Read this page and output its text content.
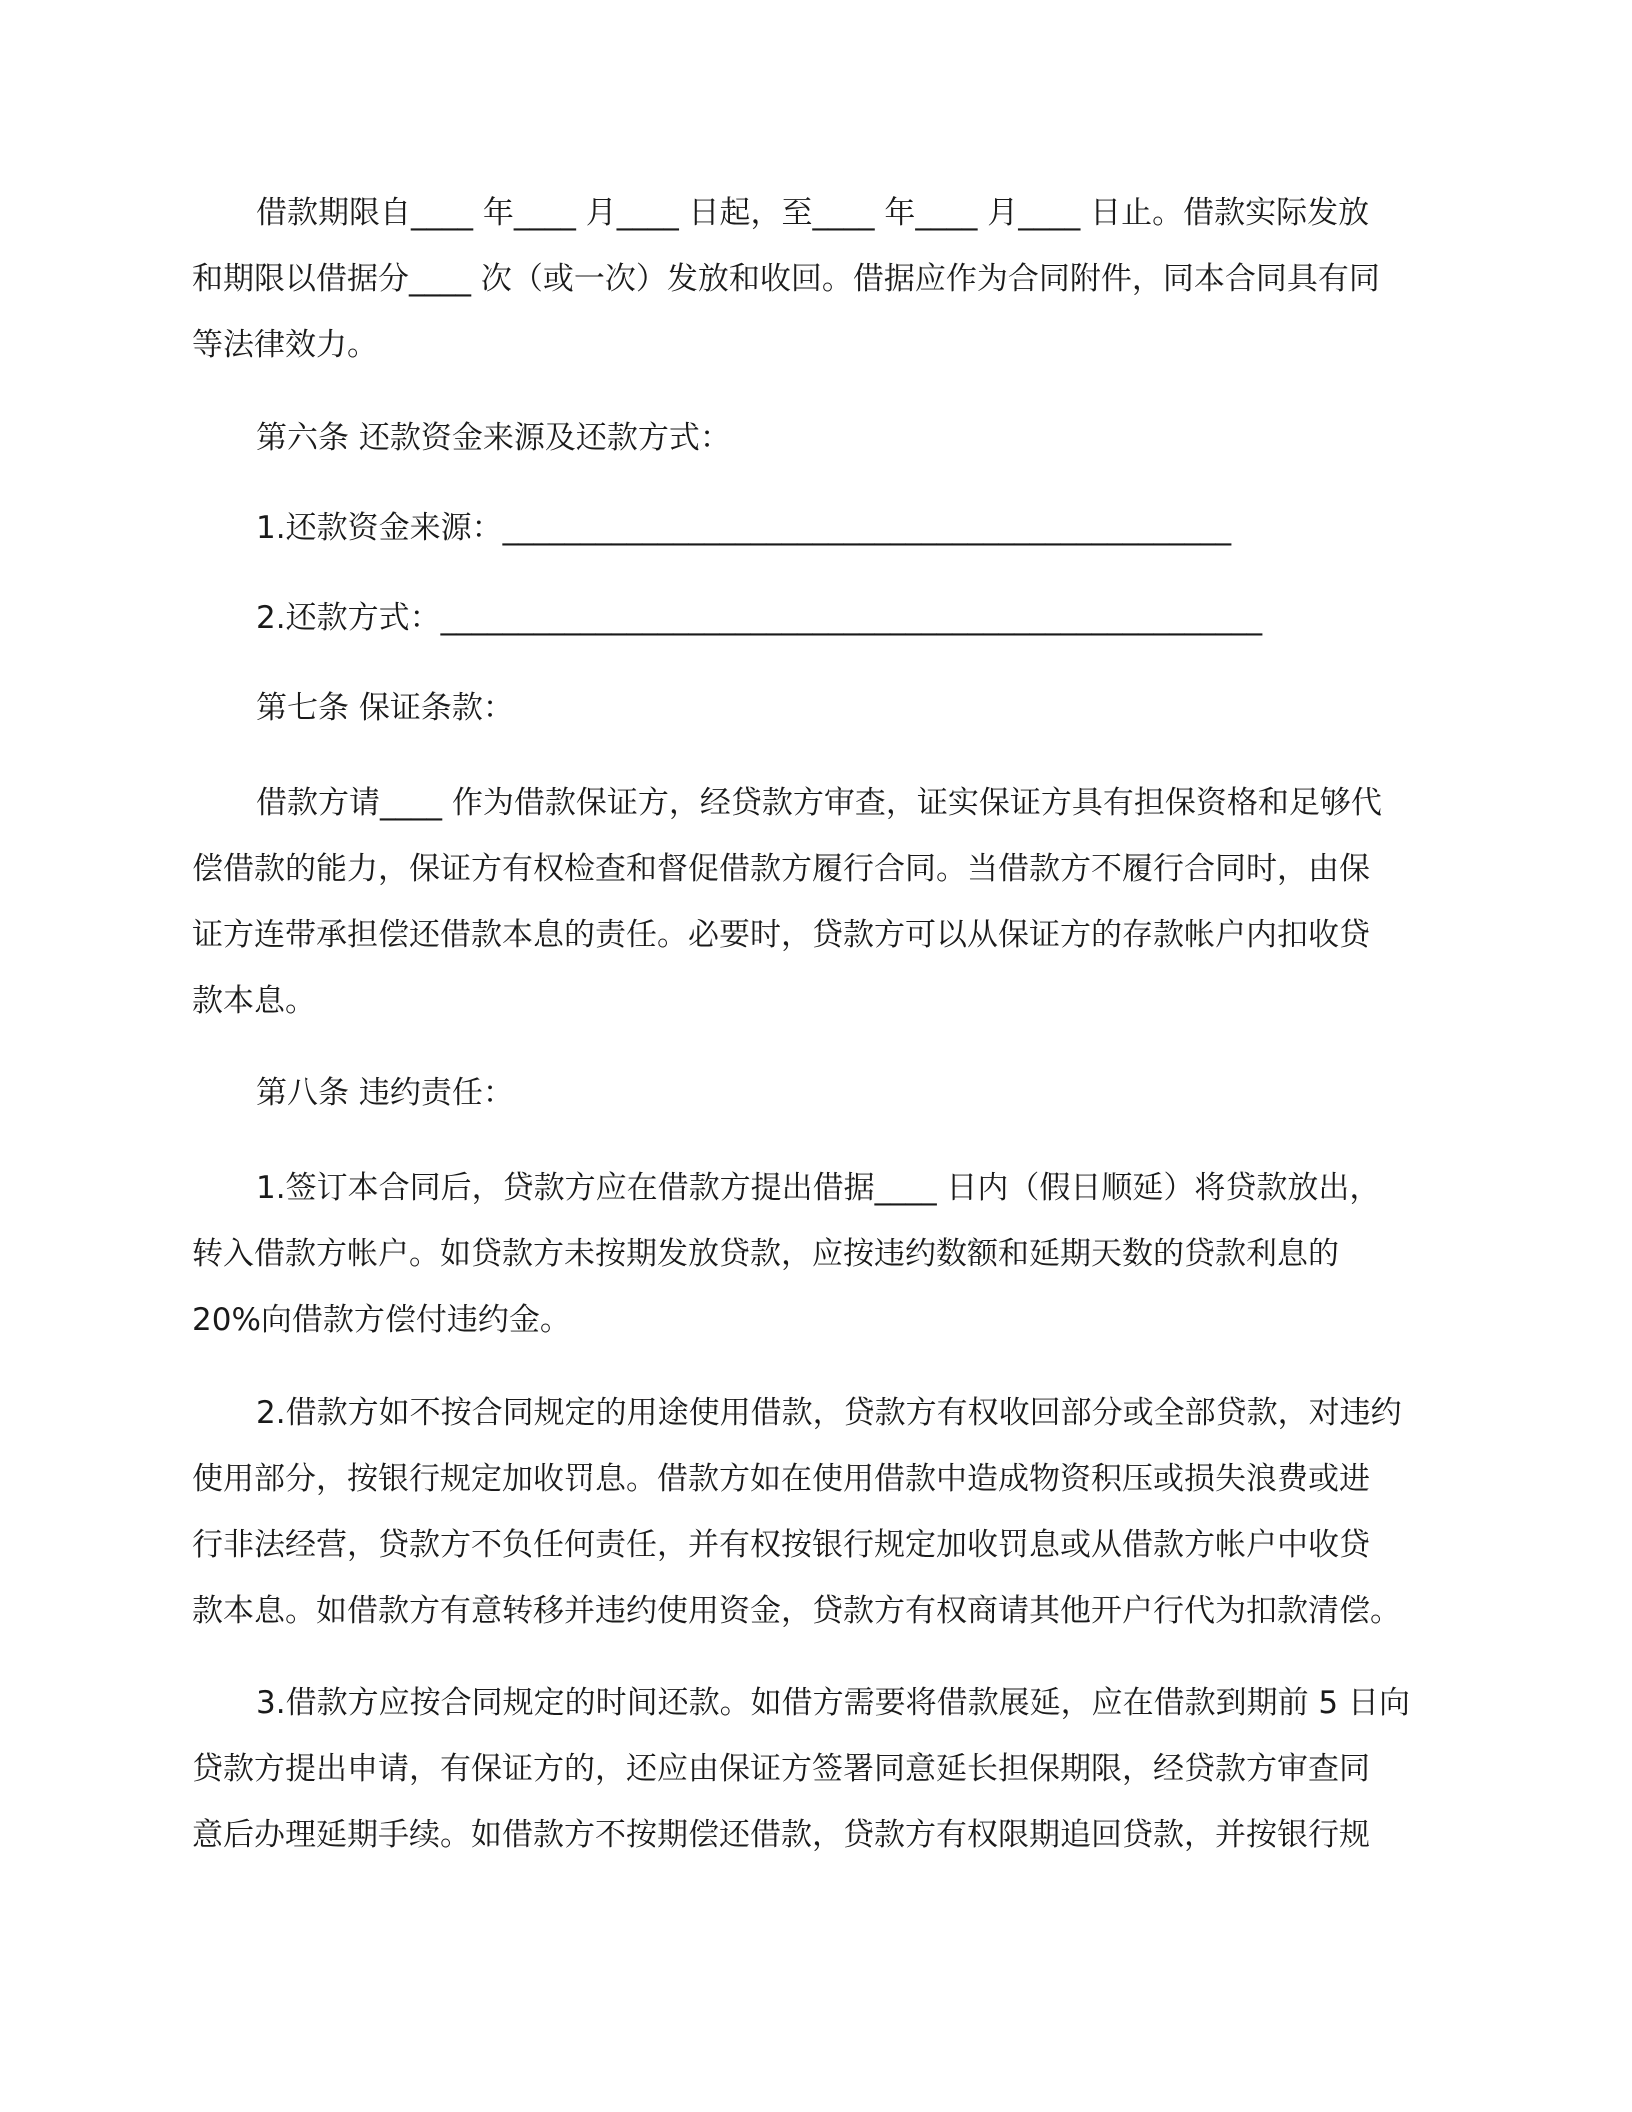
借款期限自____ 年____ 月____ 日起，至____ 年____ 月____ 日止。借款实际发放
和期限以借据分____ 次（或一次）发放和收回。借据应作为合同附件，同本合同具有同
等法律效力。
第六条 还款资金来源及还款方式：
1.还款资金来源：_______________________________________________
2.还款方式：_____________________________________________________
第七条 保证条款：
借款方请____ 作为借款保证方，经贷款方审查，证实保证方具有担保资格和足够代
偿借款的能力，保证方有权检查和督促借款方履行合同。当借款方不履行合同时，由保
证方连带承担偿还借款本息的责任。必要时，贷款方可以从保证方的存款帐户内扣收贷
款本息。
第八条 违约责任：
1.签订本合同后，贷款方应在借款方提出借据____ 日内（假日顺延）将贷款放出，
转入借款方帐户。如贷款方未按期发放贷款，应按违约数额和延期天数的贷款利息的
20%向借款方偿付违约金。
2.借款方如不按合同规定的用途使用借款，贷款方有权收回部分或全部贷款，对违约
使用部分，按银行规定加收罚息。借款方如在使用借款中造成物资积压或损失浪费或进
行非法经营，贷款方不负任何责任，并有权按银行规定加收罚息或从借款方帐户中收贷
款本息。如借款方有意转移并违约使用资金，贷款方有权商请其他开户行代为扣款清偿。
3.借款方应按合同规定的时间还款。如借方需要将借款展延，应在借款到期前 5 日向
贷款方提出申请，有保证方的，还应由保证方签署同意延长担保期限，经贷款方审查同
意后办理延期手续。如借款方不按期偿还借款，贷款方有权限期追回贷款，并按银行规
